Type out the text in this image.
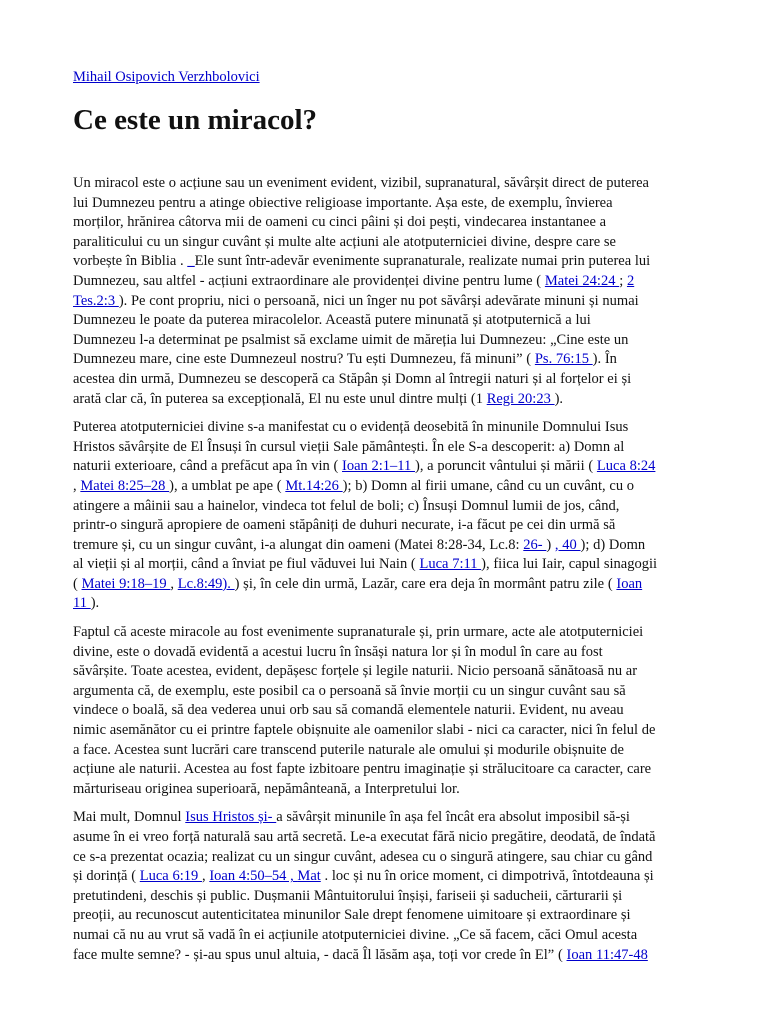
Mihail Osipovich Verzhbolovici
Ce este un miracol?

Un miracol este o acțiune sau un eveniment evident, vizibil, supranatural, săvârșit direct de puterea
lui Dumnezeu pentru a atinge obiective religioase importante. Așa este, de exemplu, învierea
morților, hrănirea câtorva mii de oameni cu cinci pâini și doi pești, vindecarea instantanee a
paraliticului cu un singur cuvânt și multe alte acțiuni ale atotputerniciei divine, despre care se
vorbește în Biblia . _Ele sunt într-adevăr evenimente supranaturale, realizate numai prin puterea lui
Dumnezeu, sau altfel - acțiuni extraordinare ale providenței divine pentru lume ( Matei 24:24 ; 2
Tes.2:3 ). Pe cont propriu, nici o persoană, nici un înger nu pot săvârși adevărate minuni și numai
Dumnezeu le poate da puterea miracolelor. Această putere minunată și atotputernică a lui
Dumnezeu l-a determinat pe psalmist să exclame uimit de măreția lui Dumnezeu: „Cine este un
Dumnezeu mare, cine este Dumnezeul nostru? Tu ești Dumnezeu, fă minuni” ( Ps. 76:15 ). În
acestea din urmă, Dumnezeu se descoperă ca Stăpân și Domn al întregii naturi și al forțelor ei și
arată clar că, în puterea sa excepțională, El nu este unul dintre mulți (1 Regi 20:23 ).

Puterea atotputerniciei divine s-a manifestat cu o evidență deosebită în minunile Domnului Isus
Hristos săvârșite de El Însuși în cursul vieții Sale pământești. În ele S-a descoperit: a) Domn al
naturii exterioare, când a prefăcut apa în vin ( Ioan 2:1–11 ), a poruncit vântului și mării ( Luca 8:24
, Matei 8:25–28 ), a umblat pe ape ( Mt.14:26 ); b) Domn al firii umane, când cu un cuvânt, cu o
atingere a mâinii sau a hainelor, vindeca tot felul de boli; c) Însuși Domnul lumii de jos, când,
printr-o singură apropiere de oameni stăpâniți de duhuri necurate, i-a făcut pe cei din urmă să
tremure și, cu un singur cuvânt, i-a alungat din oameni (Matei 8:28-34, Lc.8: 26- ) , 40 ); d) Domn
al vieții și al morții, când a înviat pe fiul văduvei lui Nain ( Luca 7:11 ), fiica lui Iair, capul sinagogii
( Matei 9:18–19 , Lc.8:49). ) și, în cele din urmă, Lazăr, care era deja în mormânt patru zile ( Ioan
11 ).

Faptul că aceste miracole au fost evenimente supranaturale și, prin urmare, acte ale atotputerniciei
divine, este o dovadă evidentă a acestui lucru în însăși natura lor și în modul în care au fost
săvârșite. Toate acestea, evident, depășesc forțele și legile naturii. Nicio persoană sănătoasă nu ar
argumenta că, de exemplu, este posibil ca o persoană să învie morții cu un singur cuvânt sau să
vindece o boală, să dea vederea unui orb sau să comandă elementele naturii. Evident, nu aveau
nimic asemănător cu ei printre faptele obișnuite ale oamenilor slabi - nici ca caracter, nici în felul de
a face. Acestea sunt lucrări care transcend puterile naturale ale omului și modurile obișnuite de
acțiune ale naturii. Acestea au fost fapte izbitoare pentru imaginație și strălucitoare ca caracter, care
mărturiseau originea superioară, nepământeană, a Interpretului lor.

Mai mult, Domnul Isus Hristos și- a săvârșit minunile în așa fel încât era absolut imposibil să-și
asume în ei vreo forță naturală sau artă secretă. Le-a executat fără nicio pregătire, deodată, de îndată
ce s-a prezentat ocazia; realizat cu un singur cuvânt, adesea cu o singură atingere, sau chiar cu gând
și dorință ( Luca 6:19 , Ioan 4:50–54 , Mat . loc și nu în orice moment, ci dimpotrivă, întotdeauna și
pretutindeni, deschis și public. Dușmanii Mântuitorului înșiși, fariseii și saducheii, cărturarii și
preoții, au recunoscut autenticitatea minunilor Sale drept fenomene uimitoare și extraordinare și
numai că nu au vrut să vadă în ei acțiunile atotputerniciei divine. „Ce să facem, căci Omul acesta
face multe semne? - și-au spus unul altuia, - dacă Îl lăsăm așa, toți vor crede în El” ( Ioan 11:47-48
